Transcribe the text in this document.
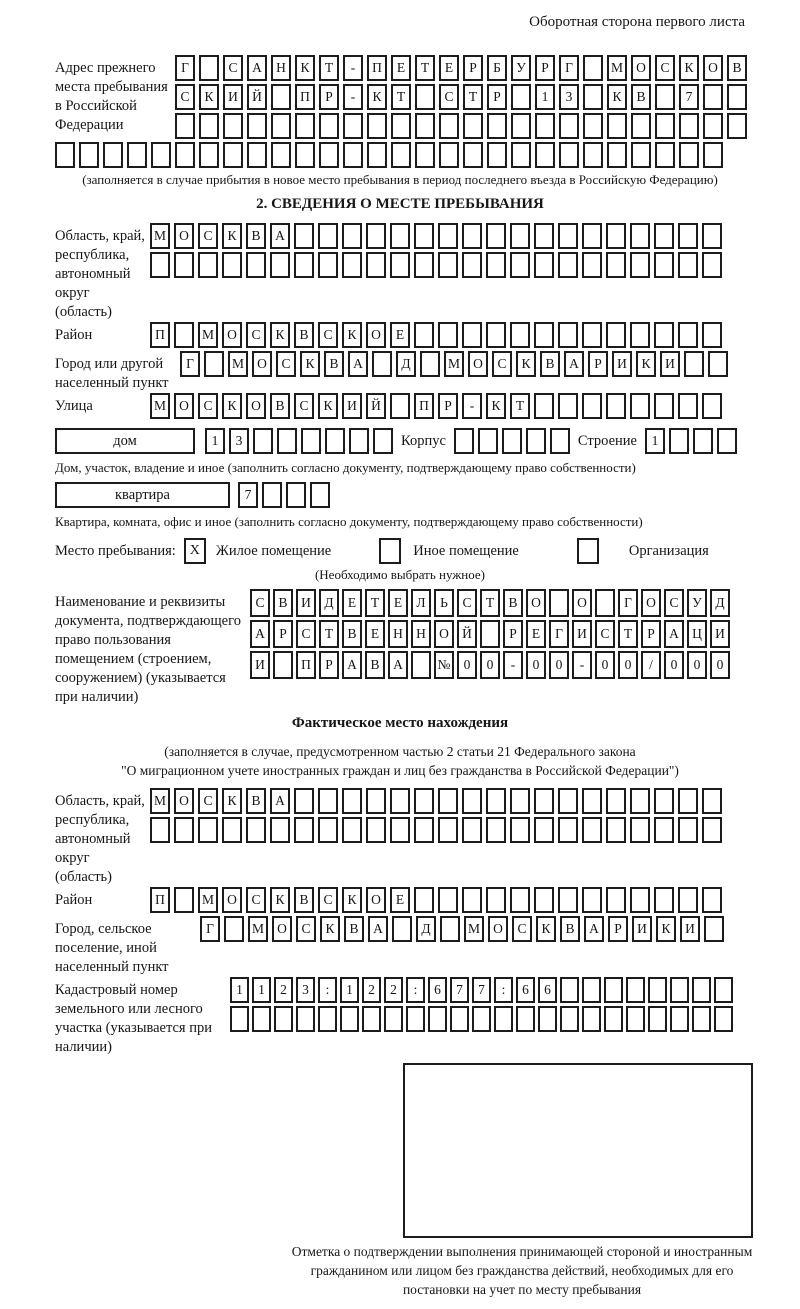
Оборотная сторона первого листа
Адрес прежнего места пребывания в Российской Федерации
Г	С	А	Н	К	Т	-	П	Е	Т	Е	Р	Б	У	Р	Г	М О	С	К	О	В
С	К	И	Й	П	Р	-	К	Т	С	Т	Р	1	3	К	В	7
(заполняется в случае прибытия в новое место пребывания в период последнего въезда в Российскую Федерацию)
2. СВЕДЕНИЯ О МЕСТЕ ПРЕБЫВАНИЯ
Область, край, республика, автономный округ (область)
М О	С	К	В	А
Район	П	М О	С	К	В	С	К	О	Е
Город или другой населенный пункт
Г	М О	С	К	В	А	Д	М О	С	К	В	А	Р	И	К	И
Улица	М О	С	К	О	В	С	К	И	Й	П	Р	-	К	Т
дом	1	3	Корпус	Строение	1
Дом, участок, владение и иное (заполнить согласно документу, подтверждающему право собственности)
квартира	7
Квартира, комната, офис и иное (заполнить согласно документу, подтверждающему право собственности)
Место пребывания: X	Жилое помещение	Иное помещение	Организация
(Необходимо выбрать нужное)
Наименование и реквизиты документа, подтверждающего право пользования помещением (строением, сооружением) (указывается при наличии)
С	В	И	Д	Е	Т	Е	Л	Ь	С	Т	В	О	О	Г	О	С	У	Д
А	Р	С	Т	В	Е	Н Н О Й	Р	Е	Г	И	С	Т	Р	А Ц И
И	П	Р	А	В	А	№ 0	0	-	0	0	-	0	0	/	0	0	0
Фактическое место нахождения
(заполняется в случае, предусмотренном частью 2 статьи 21 Федерального закона
"О миграционном учете иностранных граждан и лиц без гражданства в Российской Федерации")
Область, край, республика, автономный округ (область)
М О	С	К	В	А
Район	П	М О	С	К	В	С	К	О	Е
Город, сельское поселение, иной населенный пункт
Г	М О	С	К	В	А	Д	М О	С	К	В	А	Р	И	К	И
Кадастровый номер земельного или лесного участка (указывается при наличии)
1	1	2	3	:	1	2	2	:	6	7	7	:	6	6
Отметка о подтверждении выполнения принимающей стороной и иностранным гражданином или лицом без гражданства действий, необходимых для его постановки на учет по месту пребывания
